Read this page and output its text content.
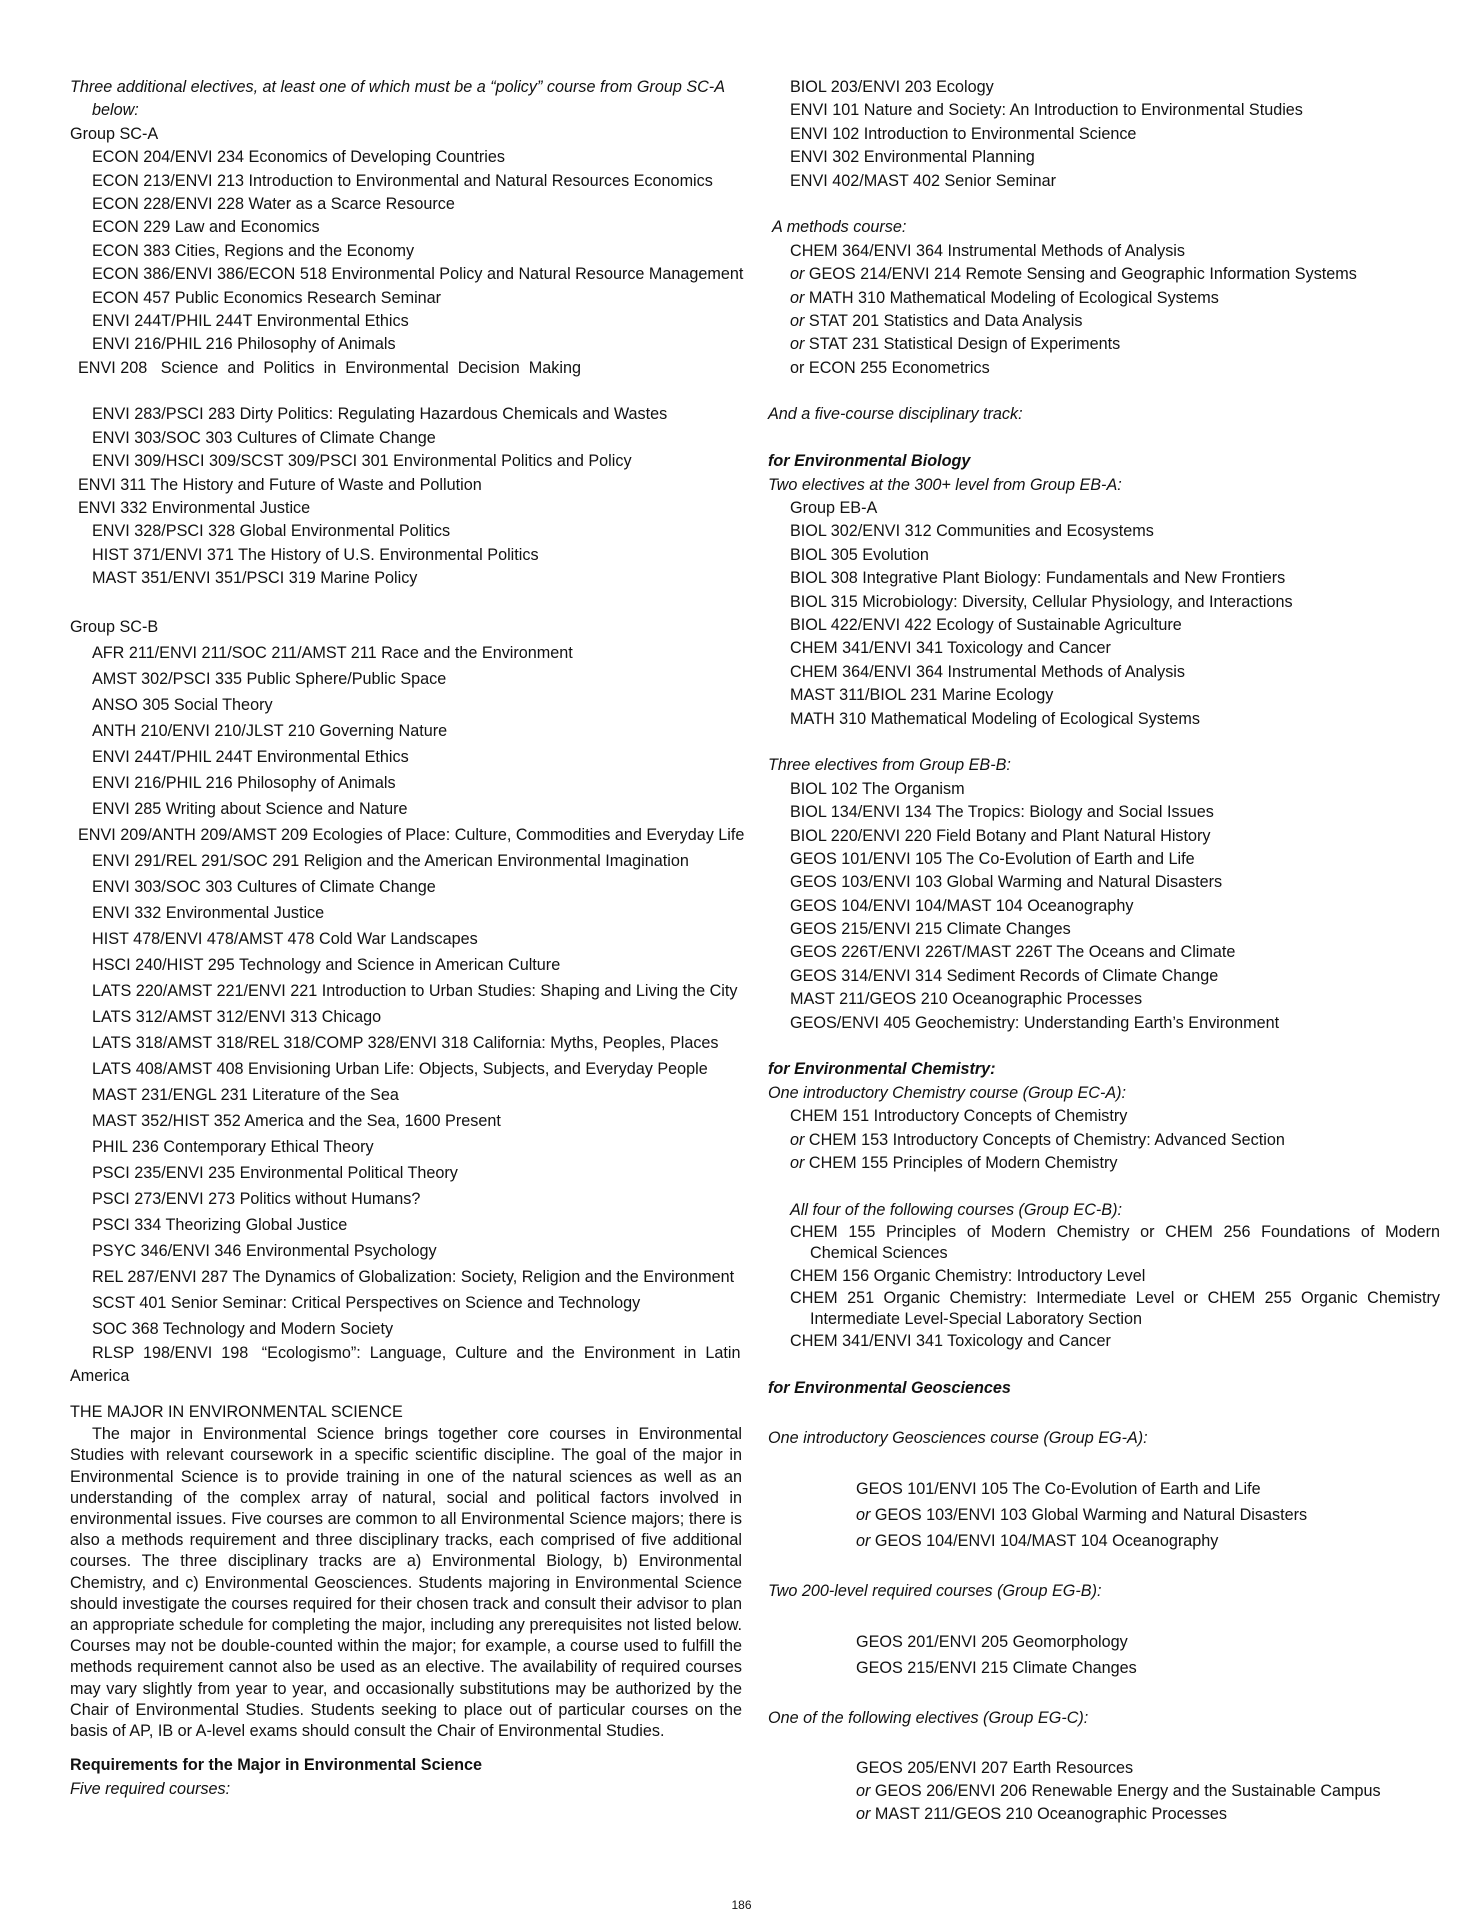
Three additional electives, at least one of which must be a “policy” course from Group SC-A
below:
Group SC-A
ECON 204/ENVI 234 Economics of Developing Countries
ECON 213/ENVI 213 Introduction to Environmental and Natural Resources Economics
ECON 228/ENVI 228 Water as a Scarce Resource
ECON 229 Law and Economics
ECON 383 Cities, Regions and the Economy
ECON 386/ENVI 386/ECON 518 Environmental Policy and Natural Resource Management
ECON 457 Public Economics Research Seminar
ENVI 244T/PHIL 244T Environmental Ethics
ENVI 216/PHIL 216 Philosophy of Animals
ENVI 208   Science  and  Politics  in  Environmental  Decision  Making
ENVI 283/PSCI 283 Dirty Politics: Regulating Hazardous Chemicals and Wastes
ENVI 303/SOC 303 Cultures of Climate Change
ENVI 309/HSCI 309/SCST 309/PSCI 301 Environmental Politics and Policy
ENVI 311 The History and Future of Waste and Pollution
ENVI 332 Environmental Justice
ENVI 328/PSCI 328 Global Environmental Politics
HIST 371/ENVI 371 The History of U.S. Environmental Politics
MAST 351/ENVI 351/PSCI 319 Marine Policy
Group SC-B
AFR 211/ENVI 211/SOC 211/AMST 211 Race and the Environment
AMST 302/PSCI 335 Public Sphere/Public Space
ANSO 305 Social Theory
ANTH 210/ENVI 210/JLST 210 Governing Nature
ENVI 244T/PHIL 244T Environmental Ethics
ENVI 216/PHIL 216 Philosophy of Animals
ENVI 285 Writing about Science and Nature
ENVI 209/ANTH 209/AMST 209 Ecologies of Place: Culture, Commodities and Everyday Life
ENVI 291/REL 291/SOC 291 Religion and the American Environmental Imagination
ENVI 303/SOC 303 Cultures of Climate Change
ENVI 332 Environmental Justice
HIST 478/ENVI 478/AMST 478 Cold War Landscapes
HSCI 240/HIST 295 Technology and Science in American Culture
LATS 220/AMST 221/ENVI 221 Introduction to Urban Studies: Shaping and Living the City
LATS 312/AMST 312/ENVI 313 Chicago
LATS 318/AMST 318/REL 318/COMP 328/ENVI 318 California: Myths, Peoples, Places
LATS 408/AMST 408 Envisioning Urban Life: Objects, Subjects, and Everyday People
MAST 231/ENGL 231 Literature of the Sea
MAST 352/HIST 352 America and the Sea, 1600 Present
PHIL 236 Contemporary Ethical Theory
PSCI 235/ENVI 235 Environmental Political Theory
PSCI 273/ENVI 273 Politics without Humans?
PSCI 334 Theorizing Global Justice
PSYC 346/ENVI 346 Environmental Psychology
REL 287/ENVI 287 The Dynamics of Globalization: Society, Religion and the Environment
SCST 401 Senior Seminar: Critical Perspectives on Science and Technology
SOC 368 Technology and Modern Society
RLSP  198/ENVI  198   “Ecologismo”:  Language,  Culture  and  the  Environment  in  Latin
America
THE MAJOR IN ENVIRONMENTAL SCIENCE
The major in Environmental Science brings together core courses in Environmental Studies with relevant coursework in a specific scientific discipline. The goal of the major in Environmental Science is to provide training in one of the natural sciences as well as an understanding of the complex array of natural, social and political factors involved in environmental issues. Five courses are common to all Environmental Science majors; there is also a methods requirement and three disciplinary tracks, each comprised of five additional courses. The three disciplinary tracks are a) Environmental Biology, b) Environmental Chemistry, and c) Environmental Geosciences. Students majoring in Environmental Science should investigate the courses required for their chosen track and consult their advisor to plan an appropriate schedule for completing the major, including any prerequisites not listed below. Courses may not be double-counted within the major; for example, a course used to fulfill the methods requirement cannot also be used as an elective. The availability of required courses may vary slightly from year to year, and occasionally substitutions may be authorized by the Chair of Environmental Studies. Students seeking to place out of particular courses on the basis of AP, IB or A-level exams should consult the Chair of Environmental Studies.
Requirements for the Major in Environmental Science
Five required courses:
BIOL 203/ENVI 203 Ecology
ENVI 101 Nature and Society: An Introduction to Environmental Studies
ENVI 102 Introduction to Environmental Science
ENVI 302 Environmental Planning
ENVI 402/MAST 402 Senior Seminar
A methods course:
CHEM 364/ENVI 364 Instrumental Methods of Analysis
or GEOS 214/ENVI 214 Remote Sensing and Geographic Information Systems
or MATH 310 Mathematical Modeling of Ecological Systems
or STAT 201 Statistics and Data Analysis
or STAT 231 Statistical Design of Experiments
or ECON 255 Econometrics
And a five-course disciplinary track:
for Environmental Biology
Two electives at the 300+ level from Group EB-A:
Group EB-A
BIOL 302/ENVI 312 Communities and Ecosystems
BIOL 305 Evolution
BIOL 308 Integrative Plant Biology: Fundamentals and New Frontiers
BIOL 315 Microbiology: Diversity, Cellular Physiology, and Interactions
BIOL 422/ENVI 422 Ecology of Sustainable Agriculture
CHEM 341/ENVI 341 Toxicology and Cancer
CHEM 364/ENVI 364 Instrumental Methods of Analysis
MAST 311/BIOL 231 Marine Ecology
MATH 310 Mathematical Modeling of Ecological Systems
Three electives from Group EB-B:
BIOL 102 The Organism
BIOL 134/ENVI 134 The Tropics: Biology and Social Issues
BIOL 220/ENVI 220 Field Botany and Plant Natural History
GEOS 101/ENVI 105 The Co-Evolution of Earth and Life
GEOS 103/ENVI 103 Global Warming and Natural Disasters
GEOS 104/ENVI 104/MAST 104 Oceanography
GEOS 215/ENVI 215 Climate Changes
GEOS 226T/ENVI 226T/MAST 226T The Oceans and Climate
GEOS 314/ENVI 314 Sediment Records of Climate Change
MAST 211/GEOS 210 Oceanographic Processes
GEOS/ENVI 405 Geochemistry: Understanding Earth’s Environment
for Environmental Chemistry:
One introductory Chemistry course (Group EC-A):
CHEM 151 Introductory Concepts of Chemistry
or CHEM 153 Introductory Concepts of Chemistry: Advanced Section
or CHEM 155 Principles of Modern Chemistry
All four of the following courses (Group EC-B):
CHEM 155 Principles of Modern Chemistry or CHEM 256 Foundations of Modern Chemical Sciences
CHEM 156 Organic Chemistry: Introductory Level
CHEM 251 Organic Chemistry: Intermediate Level or CHEM 255 Organic Chemistry Intermediate Level-Special Laboratory Section
CHEM 341/ENVI 341 Toxicology and Cancer
for Environmental Geosciences
One introductory Geosciences course (Group EG-A):
GEOS 101/ENVI 105 The Co-Evolution of Earth and Life
or GEOS 103/ENVI 103 Global Warming and Natural Disasters
or GEOS 104/ENVI 104/MAST 104 Oceanography
Two 200-level required courses (Group EG-B):
GEOS 201/ENVI 205 Geomorphology
GEOS 215/ENVI 215 Climate Changes
One of the following electives (Group EG-C):
GEOS 205/ENVI 207 Earth Resources
or GEOS 206/ENVI 206 Renewable Energy and the Sustainable Campus
or MAST 211/GEOS 210 Oceanographic Processes
186
